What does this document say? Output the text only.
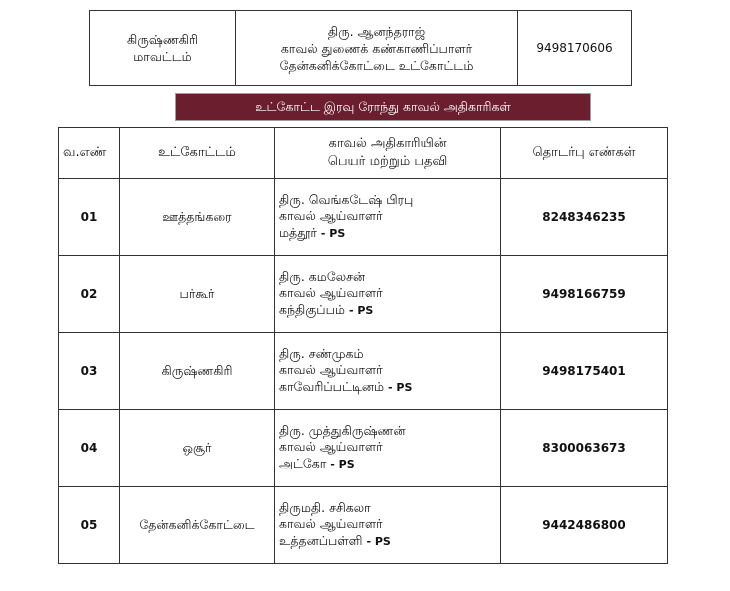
கிருஷ்ணகிரி
மாவட்டம்

திரு. ஆனந்தராஜ்
காவல் துணைக் கண்காணிப்பாளர்
தேன்கனிக்கோட்டை உட்கோட்டம்
	9498170606
உட்கோட்ட இரவு ரோந்து காவல் அதிகாரிகள்
வ.எண்	உட்கோட்டம்	காவல் அதிகாரியின்
பெயர் மற்றும் பதவி	தொடர்பு எண்கள்
01	ஊத்தங்கரை	திரு. வெங்கடேஷ் பிரபு
காவல் ஆய்வாளர்
மத்தூர் - PS	8248346235
02	பர்கூர்	திரு. கமலேசன்
காவல் ஆய்வாளர்
கந்திகுப்பம் - PS	9498166759
03	கிருஷ்ணகிரி	திரு. சண்முகம்
காவல் ஆய்வாளர்
காவேரிப்பட்டினம் - PS	9498175401
04	ஒசூர்	திரு. முத்துகிருஷ்ணன்
காவல் ஆய்வாளர்
அட்கோ - PS	8300063673
05	தேன்கனிக்கோட்டை	திருமதி. சசிகலா
காவல் ஆய்வாளர்
உத்தனப்பள்ளி - PS	9442486800
